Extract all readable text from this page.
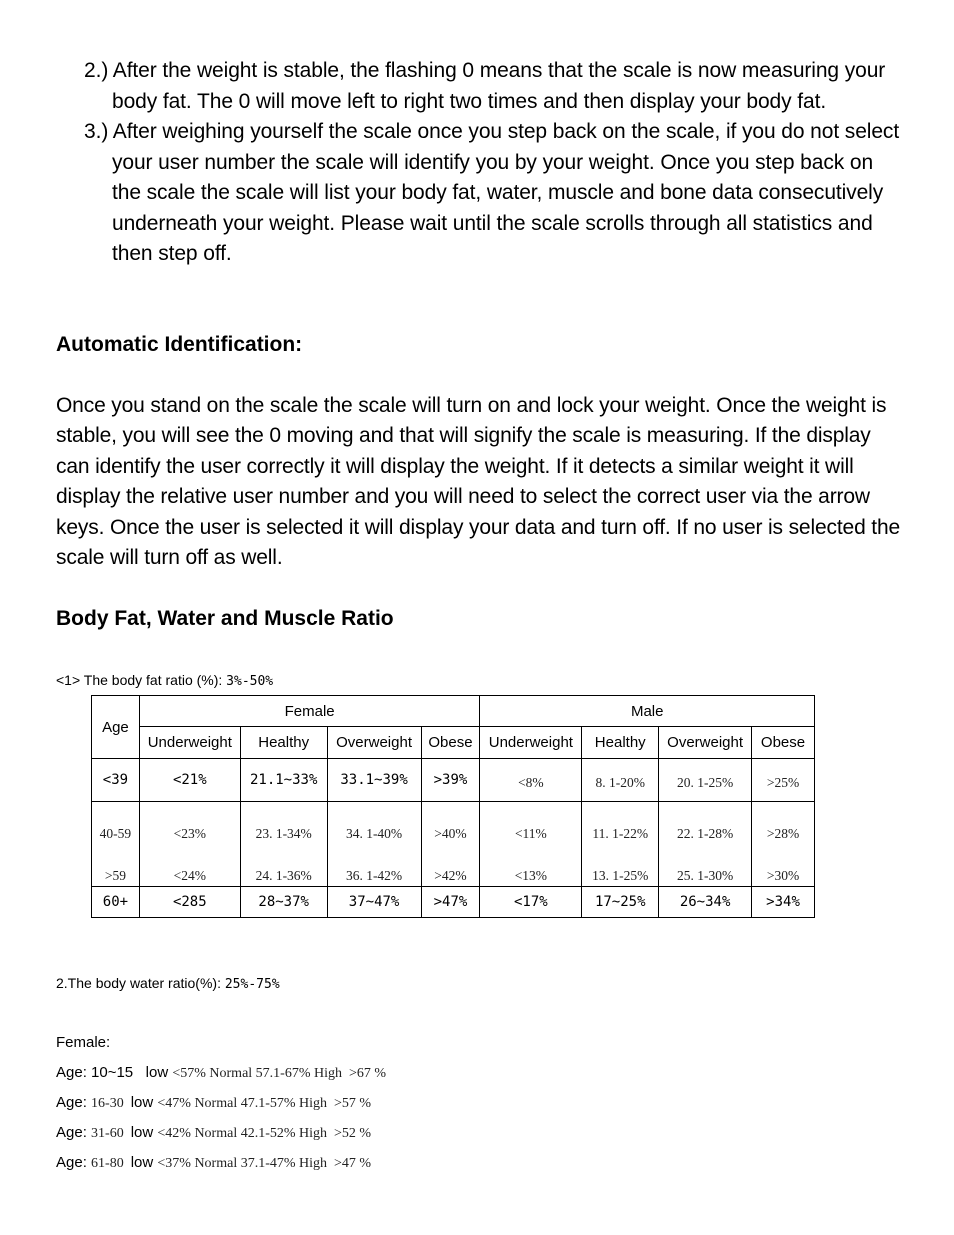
2.) After the weight is stable, the flashing 0 means that the scale is now measuring your body fat. The 0 will move left to right two times and then display your body fat.
3.) After weighing yourself the scale once you step back on the scale, if you do not select your user number the scale will identify you by your weight. Once you step back on the scale the scale will list your body fat, water, muscle and bone data consecutively underneath your weight. Please wait until the scale scrolls through all statistics and then step off.
Automatic Identification:

Once you stand on the scale the scale will turn on and lock your weight. Once the weight is stable, you will see the 0 moving and that will signify the scale is measuring. If the display can identify the user correctly it will display the weight. If it detects a similar weight it will display the relative user number and you will need to select the correct user via the arrow keys. Once the user is selected it will display your data and turn off. If no user is selected the scale will turn off as well.

Body Fat, Water and Muscle Ratio
<1> The body fat ratio (%): 3%-50%
Age	Female				Male			
	Underweight	Healthy	Overweight	Obese	Underweight	Healthy	Overweight	Obese
<39	<21%	21.1~33%	33.1~39%	>39%	<8%	8. 1-20%	20. 1-25%	>25%
40-59	<23%	23. 1-34%	34. 1-40%	>40%	<11%	11. 1-22%	22. 1-28%	>28%
>59	<24%	24. 1-36%	36. 1-42%	>42%	<13%	13. 1-25%	25. 1-30%	>30%
60+	<285	28~37%	37~47%	>47%	<17%	17~25%	26~34%	>34%
2.The body water ratio(%): 25%-75%
Female:
Age: 10~15   low <57% Normal 57.1-67% High  >67 %
Age: 16-30  low <47% Normal 47.1-57% High  >57 %
Age: 31-60  low <42% Normal 42.1-52% High  >52 %
Age: 61-80  low <37% Normal 37.1-47% High  >47 %
